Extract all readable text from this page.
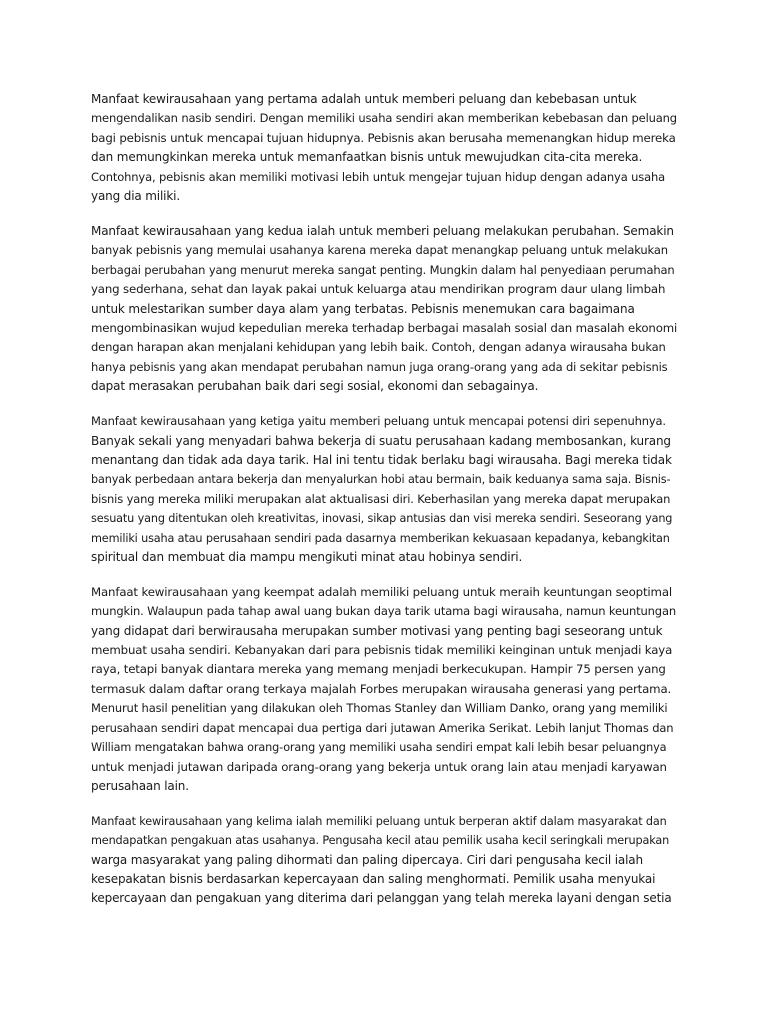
Manfaat kewirausahaan yang pertama adalah untuk memberi peluang dan kebebasan untuk
mengendalikan nasib sendiri. Dengan memiliki usaha sendiri akan memberikan kebebasan dan peluang
bagi pebisnis untuk mencapai tujuan hidupnya. Pebisnis akan berusaha memenangkan hidup mereka
dan memungkinkan mereka untuk memanfaatkan bisnis untuk mewujudkan cita-cita mereka.
Contohnya, pebisnis akan memiliki motivasi lebih untuk mengejar tujuan hidup dengan adanya usaha
yang dia miliki.

Manfaat kewirausahaan yang kedua ialah untuk memberi peluang melakukan perubahan. Semakin
banyak pebisnis yang memulai usahanya karena mereka dapat menangkap peluang untuk melakukan
berbagai perubahan yang menurut mereka sangat penting. Mungkin dalam hal penyediaan perumahan
yang sederhana, sehat dan layak pakai untuk keluarga atau mendirikan program daur ulang limbah
untuk melestarikan sumber daya alam yang terbatas. Pebisnis menemukan cara bagaimana
mengombinasikan wujud kepedulian mereka terhadap berbagai masalah sosial dan masalah ekonomi
dengan harapan akan menjalani kehidupan yang lebih baik. Contoh, dengan adanya wirausaha bukan
hanya pebisnis yang akan mendapat perubahan namun juga orang-orang yang ada di sekitar pebisnis
dapat merasakan perubahan baik dari segi sosial, ekonomi dan sebagainya.

Manfaat kewirausahaan yang ketiga yaitu memberi peluang untuk mencapai potensi diri sepenuhnya.
Banyak sekali yang menyadari bahwa bekerja di suatu perusahaan kadang membosankan, kurang
menantang dan tidak ada daya tarik. Hal ini tentu tidak berlaku bagi wirausaha. Bagi mereka tidak
banyak perbedaan antara bekerja dan menyalurkan hobi atau bermain, baik keduanya sama saja. Bisnis-
bisnis yang mereka miliki merupakan alat aktualisasi diri. Keberhasilan yang mereka dapat merupakan
sesuatu yang ditentukan oleh kreativitas, inovasi, sikap antusias dan visi mereka sendiri. Seseorang yang
memiliki usaha atau perusahaan sendiri pada dasarnya memberikan kekuasaan kepadanya, kebangkitan
spiritual dan membuat dia mampu mengikuti minat atau hobinya sendiri.

Manfaat kewirausahaan yang keempat adalah memiliki peluang untuk meraih keuntungan seoptimal
mungkin. Walaupun pada tahap awal uang bukan daya tarik utama bagi wirausaha, namun keuntungan
yang didapat dari berwirausaha merupakan sumber motivasi yang penting bagi seseorang untuk
membuat usaha sendiri. Kebanyakan dari para pebisnis tidak memiliki keinginan untuk menjadi kaya
raya, tetapi banyak diantara mereka yang memang menjadi berkecukupan. Hampir 75 persen yang
termasuk dalam daftar orang terkaya majalah Forbes merupakan wirausaha generasi yang pertama.
Menurut hasil penelitian yang dilakukan oleh Thomas Stanley dan William Danko, orang yang memiliki
perusahaan sendiri dapat mencapai dua pertiga dari jutawan Amerika Serikat. Lebih lanjut Thomas dan
William mengatakan bahwa orang-orang yang memiliki usaha sendiri empat kali lebih besar peluangnya
untuk menjadi jutawan daripada orang-orang yang bekerja untuk orang lain atau menjadi karyawan
perusahaan lain.

Manfaat kewirausahaan yang kelima ialah memiliki peluang untuk berperan aktif dalam masyarakat dan
mendapatkan pengakuan atas usahanya. Pengusaha kecil atau pemilik usaha kecil seringkali merupakan
warga masyarakat yang paling dihormati dan paling dipercaya. Ciri dari pengusaha kecil ialah
kesepakatan bisnis berdasarkan kepercayaan dan saling menghormati. Pemilik usaha menyukai
kepercayaan dan pengakuan yang diterima dari pelanggan yang telah mereka layani dengan setia
